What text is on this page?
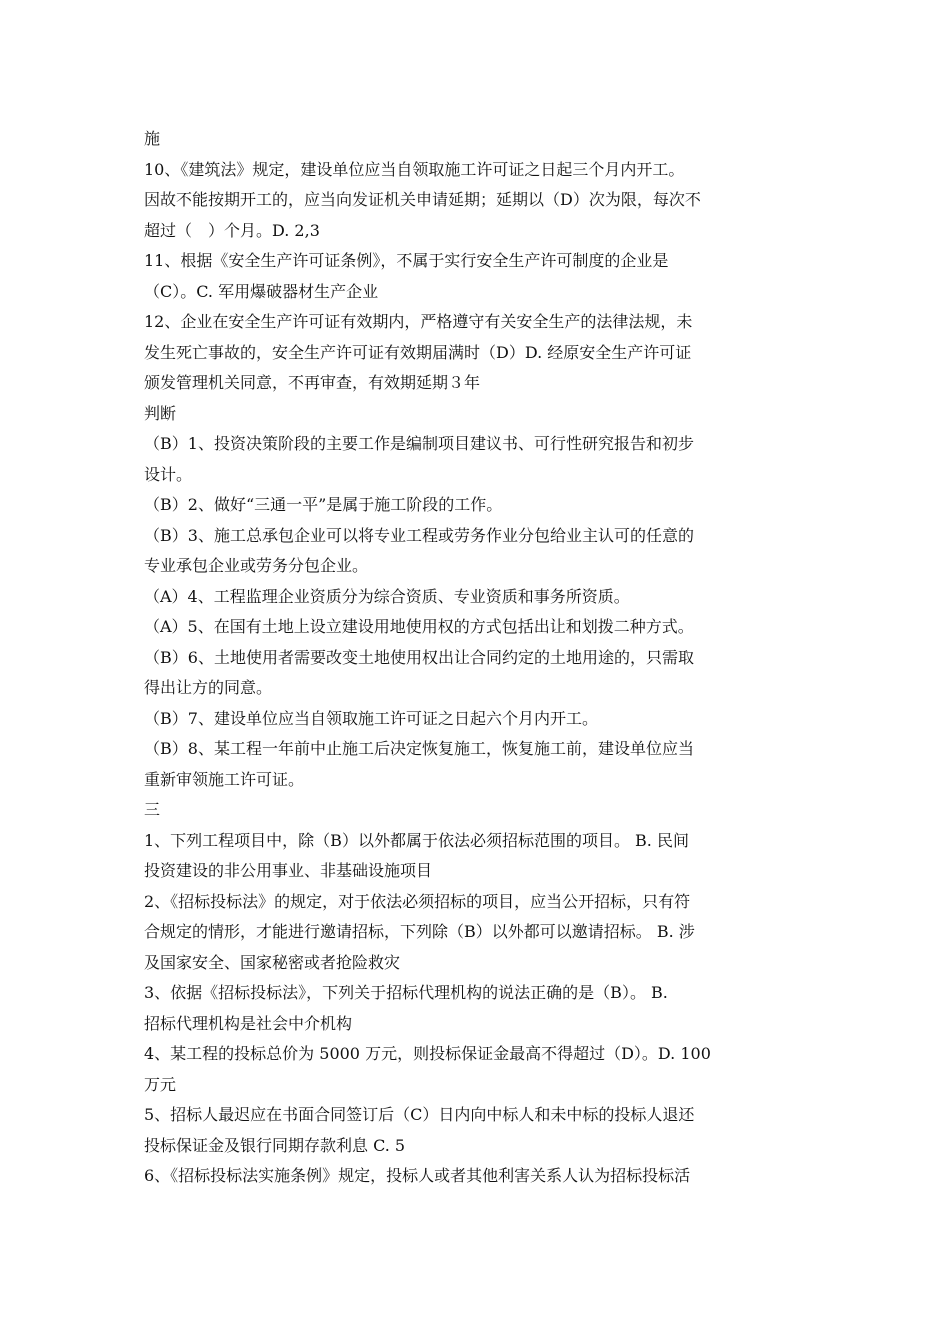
施
10、《建筑法》规定，建设单位应当自领取施工许可证之日起三个月内开工。
因故不能按期开工的，应当向发证机关申请延期；延期以（D）次为限，每次不
超过（　）个月。D. 2,3
11、根据《安全生产许可证条例》，不属于实行安全生产许可制度的企业是
（C）。C. 军用爆破器材生产企业
12、企业在安全生产许可证有效期内，严格遵守有关安全生产的法律法规，未
发生死亡事故的，安全生产许可证有效期届满时（D）D. 经原安全生产许可证
颁发管理机关同意，不再审查，有效期延期３年
判断
（B）1、投资决策阶段的主要工作是编制项目建议书、可行性研究报告和初步
设计。
（B）2、做好“三通一平”是属于施工阶段的工作。
（B）3、施工总承包企业可以将专业工程或劳务作业分包给业主认可的任意的
专业承包企业或劳务分包企业。
（A）4、工程监理企业资质分为综合资质、专业资质和事务所资质。
（A）5、在国有土地上设立建设用地使用权的方式包括出让和划拨二种方式。
（B）6、土地使用者需要改变土地使用权出让合同约定的土地用途的，只需取
得出让方的同意。
（B）7、建设单位应当自领取施工许可证之日起六个月内开工。
（B）8、某工程一年前中止施工后决定恢复施工，恢复施工前，建设单位应当
重新审领施工许可证。
三
1、下列工程项目中，除（B）以外都属于依法必须招标范围的项目。 B. 民间
投资建设的非公用事业、非基础设施项目
2、《招标投标法》的规定，对于依法必须招标的项目，应当公开招标，只有符
合规定的情形，才能进行邀请招标，下列除（B）以外都可以邀请招标。 B. 涉
及国家安全、国家秘密或者抢险救灾
3、依据《招标投标法》，下列关于招标代理机构的说法正确的是（B）。 B.
招标代理机构是社会中介机构
4、某工程的投标总价为 5000 万元，则投标保证金最高不得超过（D）。D. 100
万元
5、招标人最迟应在书面合同签订后（C）日内向中标人和未中标的投标人退还
投标保证金及银行同期存款利息 C. 5
6、《招标投标法实施条例》规定，投标人或者其他利害关系人认为招标投标活
